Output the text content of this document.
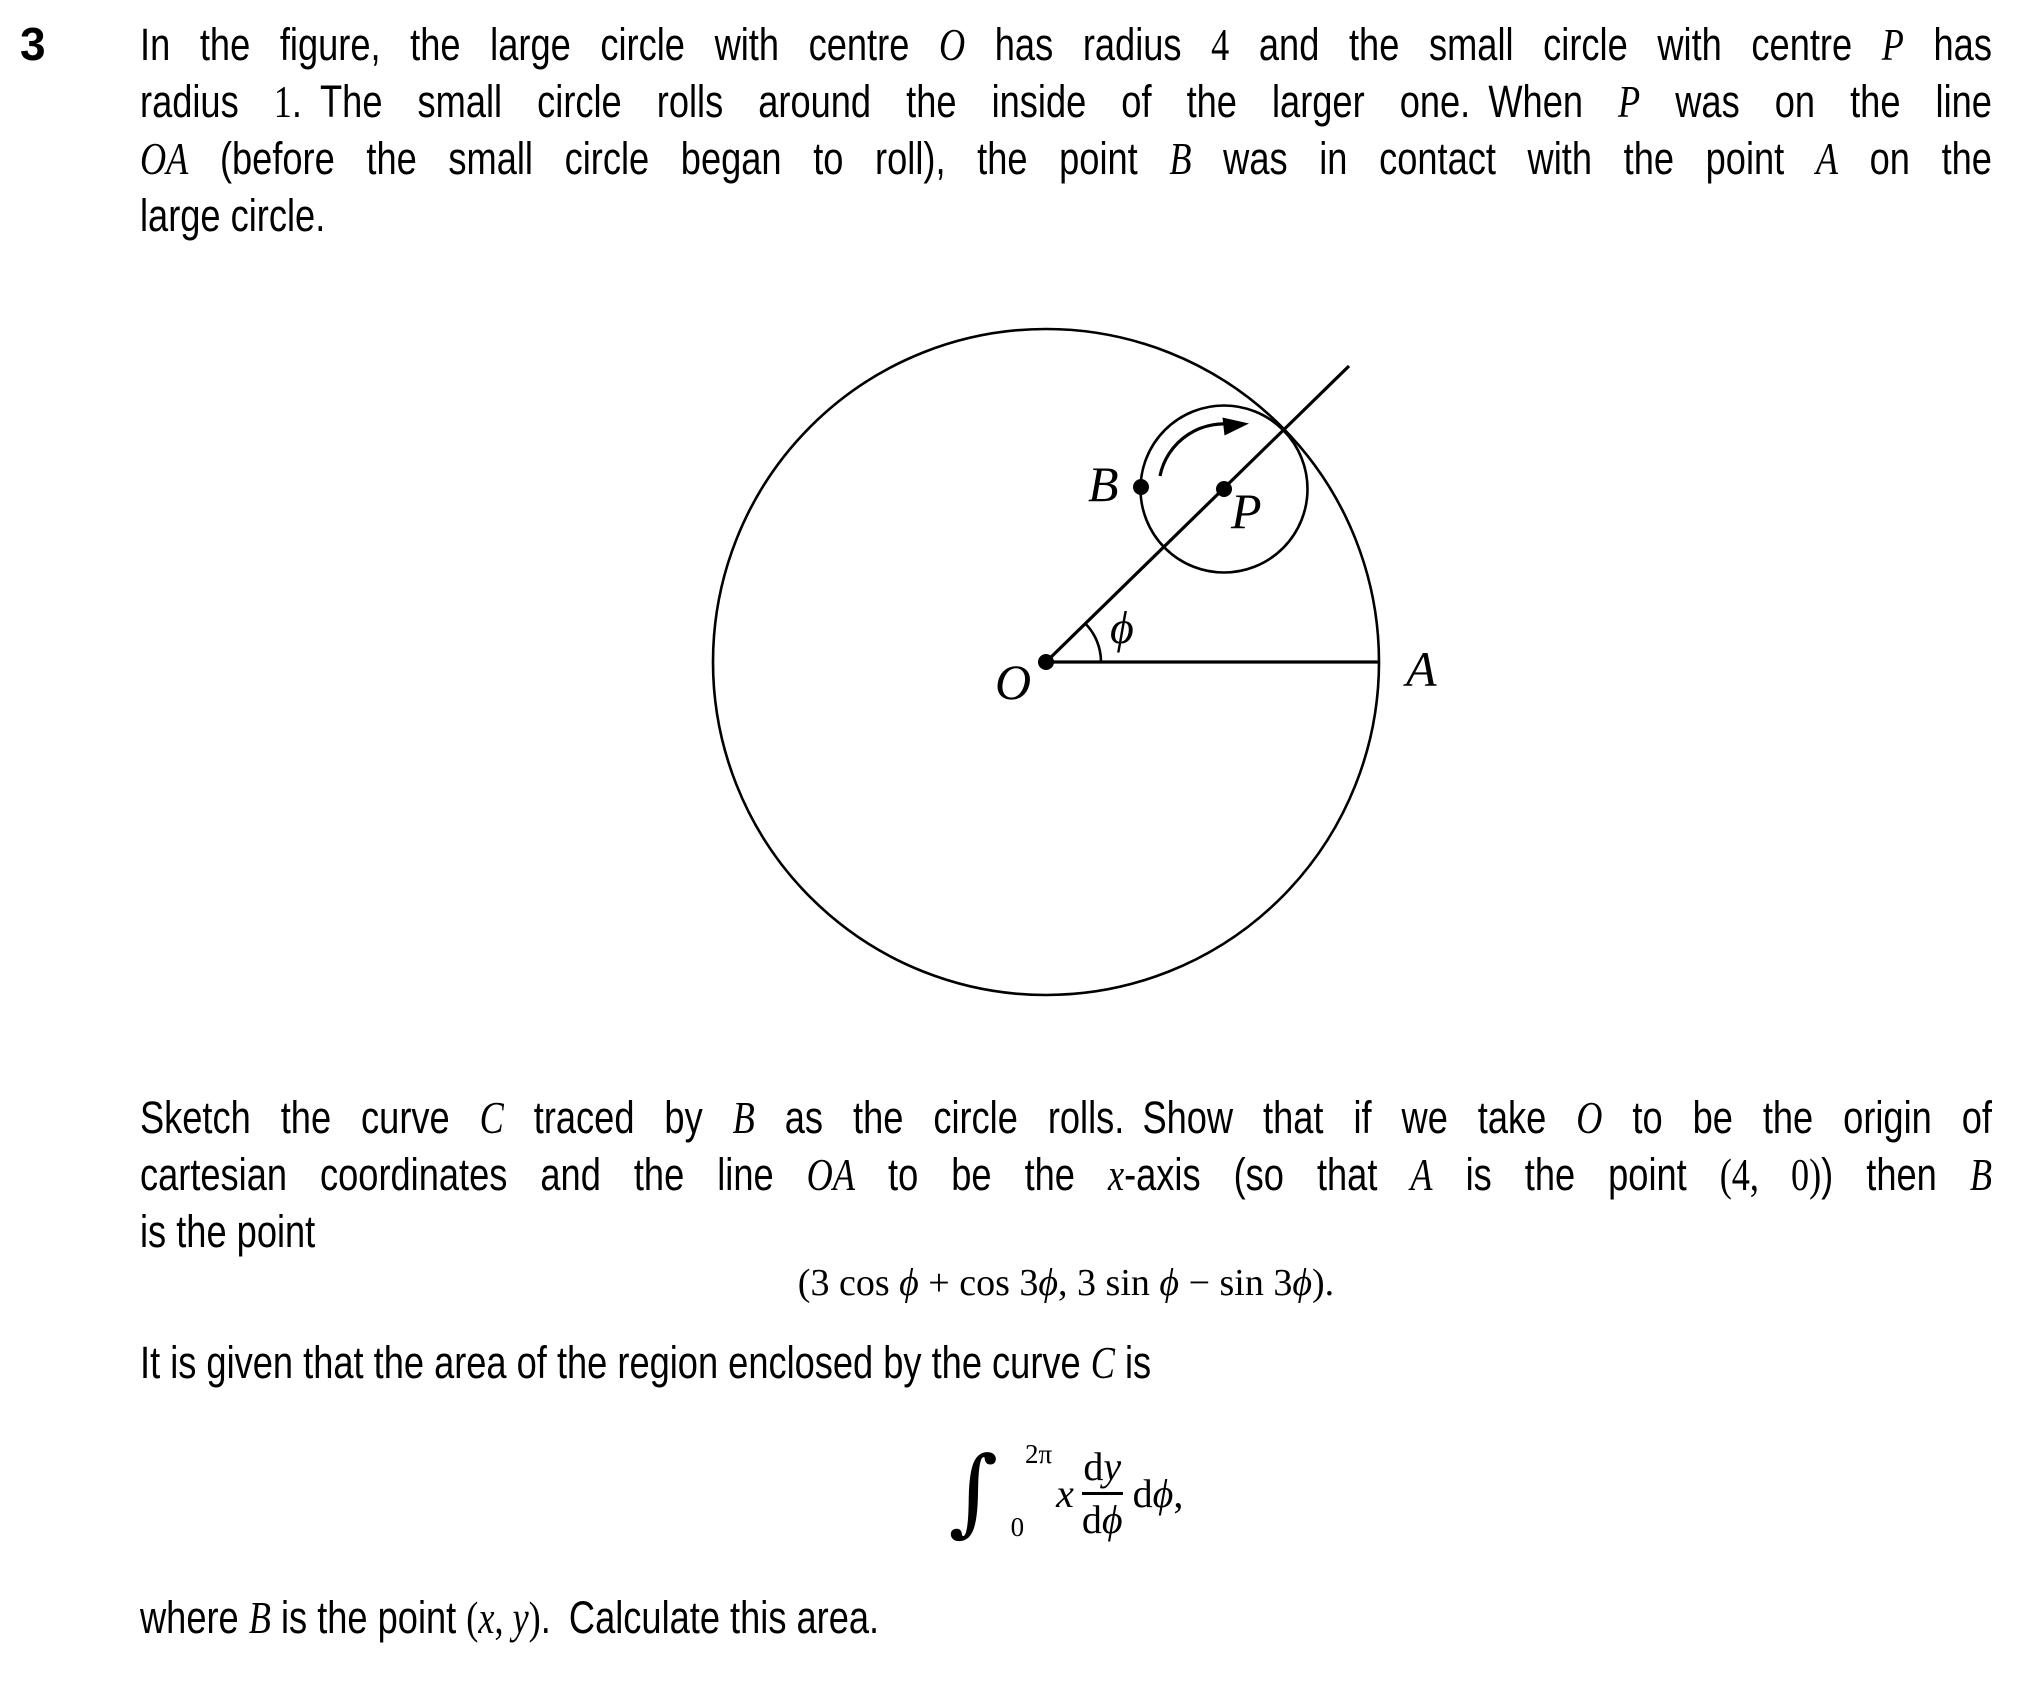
3 In the figure, the large circle with centre O has radius 4 and the small circle with centre P has
radius 1. The small circle rolls around the inside of the larger one. When P was on the line
OA (before the small circle began to roll), the point B was in contact with the point A on the
large circle.
O	A
B P
ϕ
Sketch the curve C traced by B as the circle rolls. Show that if we take O to be the origin of
cartesian coordinates and the line OA to be the x-axis (so that A is the point (4, 0)) then B
is the point
(3 cos ϕ + cos 3ϕ, 3 sin ϕ − sin 3ϕ).
It is given that the area of the region enclosed by the curve C is
∫ 2π
0
x $\frac{dy}{d\phi} d\phi$,
where B is the point (x, y). Calculate this area.
